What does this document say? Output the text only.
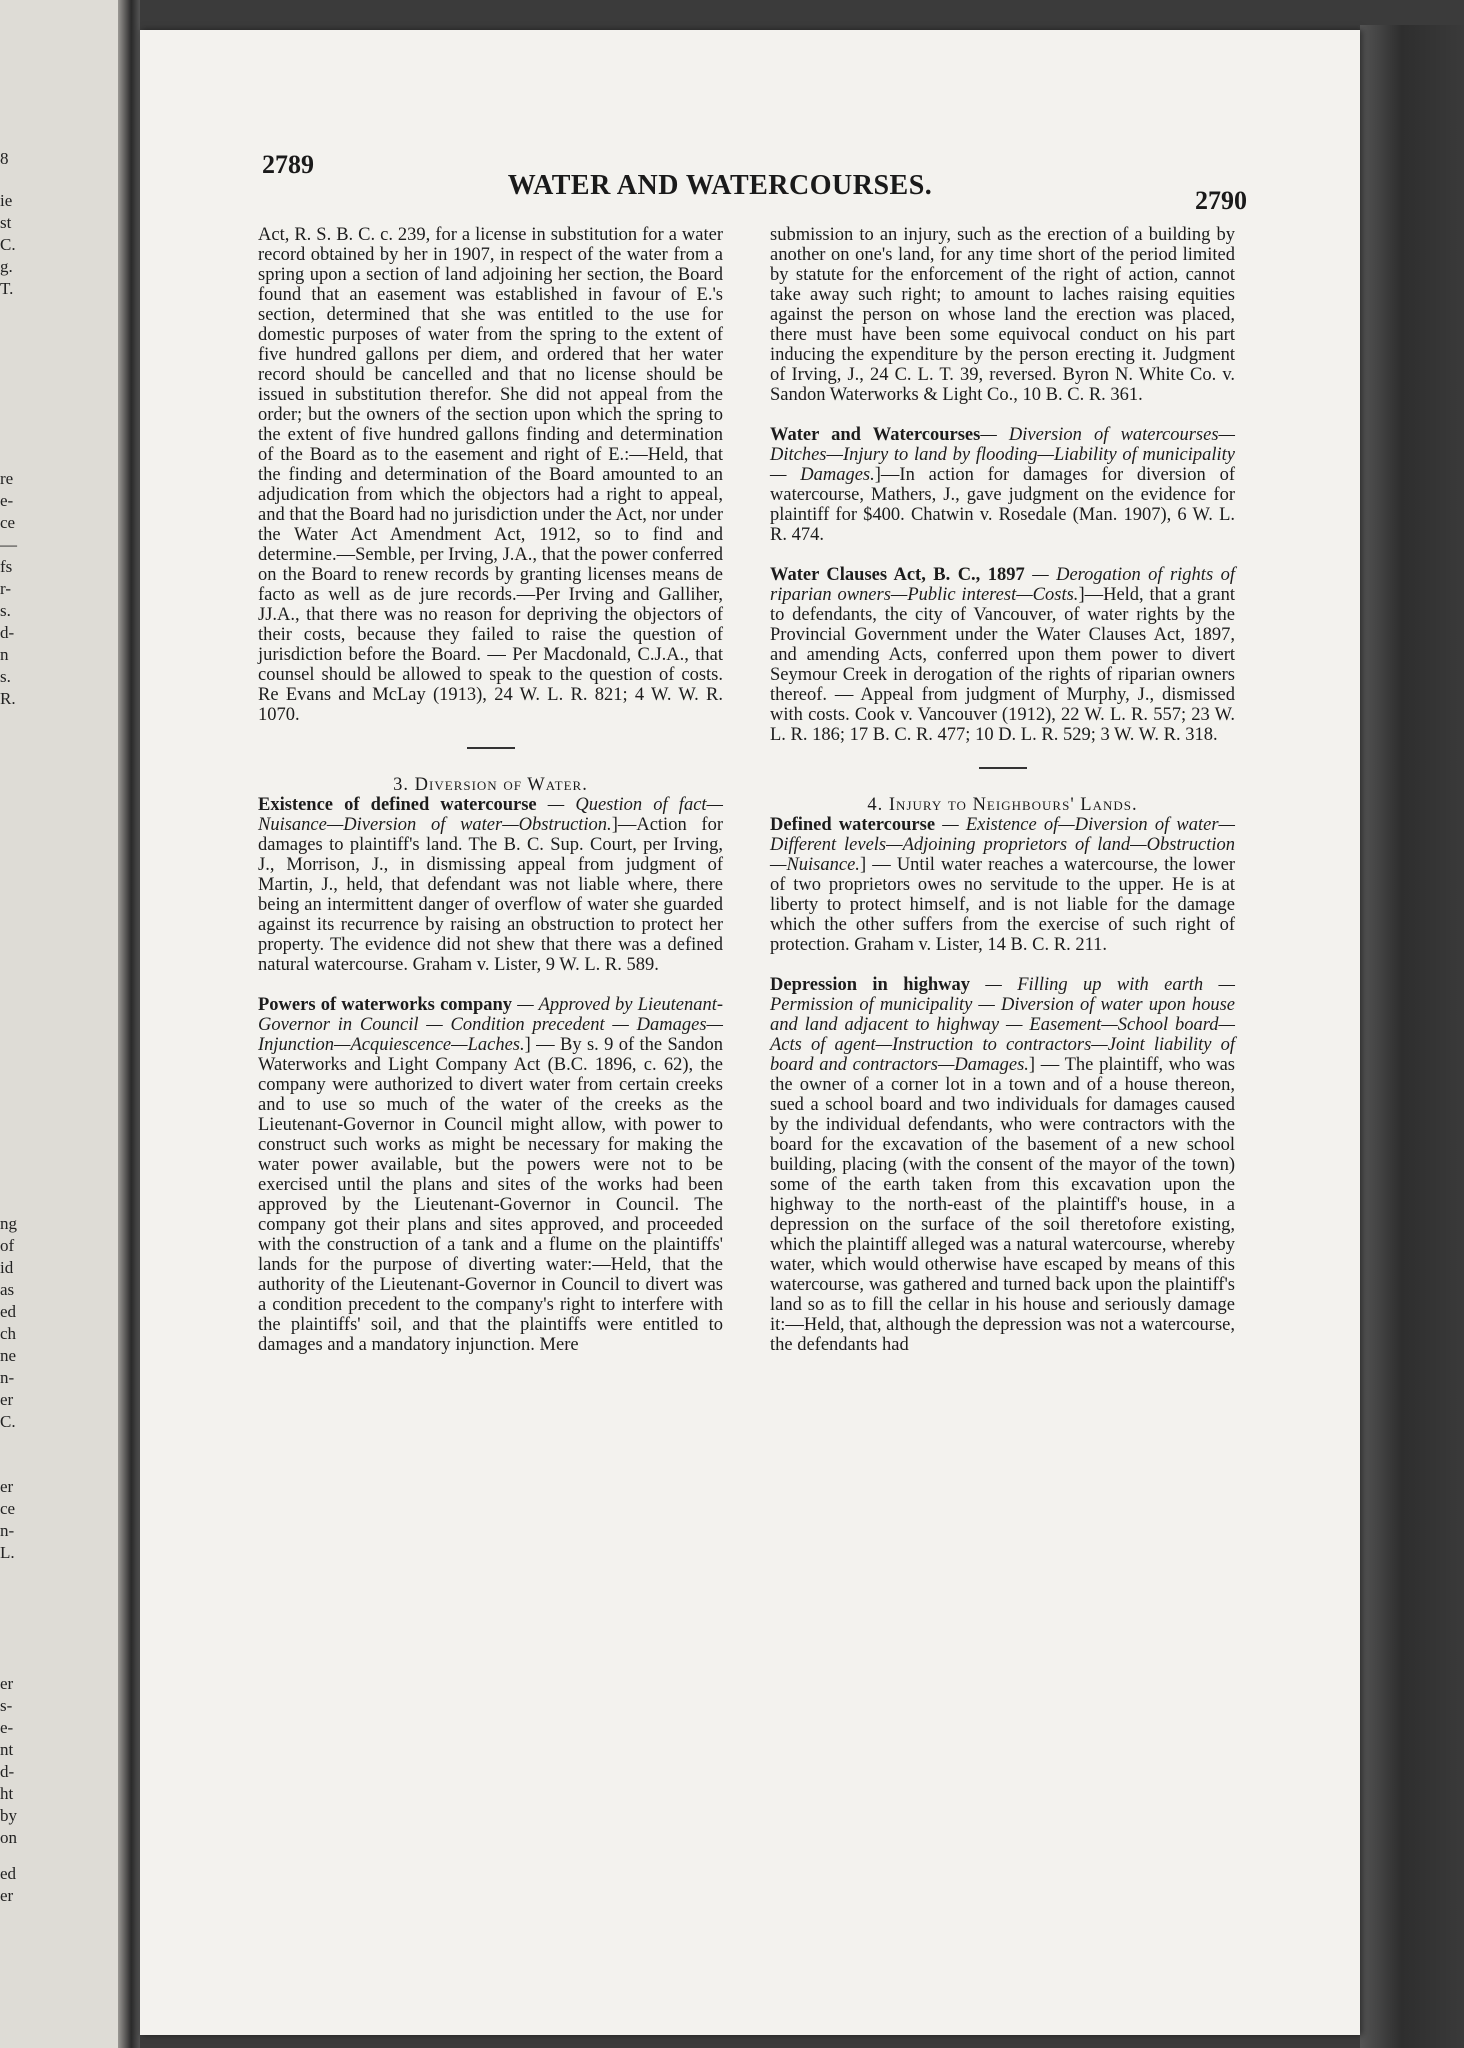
8
ie
st
C.
g.
T.
re
e-
ce
—
fs
r-
s.
d-
n
s.
R.
ng
of
id
as
ed
ch
ne
n-
er
C.
er
ce
n-
L.
er
s-
e-
nt
d-
ht
by
on
ed
er
2789
WATER AND WATERCOURSES.	2790

Act, R. S. B. C. c. 239, for a license in substitution for a water record obtained by her in 1907, in respect of the water from a spring upon a section of land adjoining her section, the Board found that an easement was established in favour of E.'s section, determined that she was entitled to the use for domestic purposes of water from the spring to the extent of five hundred gallons per diem, and ordered that her water record should be cancelled and that no license should be issued in substitution therefor. She did not appeal from the order; but the owners of the section upon which the spring to the extent of five hundred gallons finding and determination of the Board as to the easement and right of E.:—Held, that the finding and determination of the Board amounted to an adjudication from which the objectors had a right to appeal, and that the Board had no jurisdiction under the Act, nor under the Water Act Amendment Act, 1912, so to find and determine.—Semble, per Irving, J.A., that the power conferred on the Board to renew records by granting licenses means de facto as well as de jure records.—Per Irving and Galliher, JJ.A., that there was no reason for depriving the objectors of their costs, because they failed to raise the question of jurisdiction before the Board. — Per Macdonald, C.J.A., that counsel should be allowed to speak to the question of costs. Re Evans and McLay (1913), 24 W. L. R. 821; 4 W. W. R. 1070.

3. Diversion of Water.

Existence of defined watercourse — Question of fact—Nuisance—Diversion of water—Obstruction.]—Action for damages to plaintiff's land. The B. C. Sup. Court, per Irving, J., Morrison, J., in dismissing appeal from judgment of Martin, J., held, that defendant was not liable where, there being an intermittent danger of overflow of water she guarded against its recurrence by raising an obstruction to protect her property. The evidence did not shew that there was a defined natural watercourse. Graham v. Lister, 9 W. L. R. 589.

Powers of waterworks company — Approved by Lieutenant-Governor in Council — Condition precedent — Damages—Injunction—Acquiescence—Laches.] — By s. 9 of the Sandon Waterworks and Light Company Act (B.C. 1896, c. 62), the company were authorized to divert water from certain creeks and to use so much of the water of the creeks as the Lieutenant-Governor in Council might allow, with power to construct such works as might be necessary for making the water power available, but the powers were not to be exercised until the plans and sites of the works had been approved by the Lieutenant-Governor in Council. The company got their plans and sites approved, and proceeded with the construction of a tank and a flume on the plaintiffs' lands for the purpose of diverting water:—Held, that the authority of the Lieutenant-Governor in Council to divert was a condition precedent to the company's right to interfere with the plaintiffs' soil, and that the plaintiffs were entitled to damages and a mandatory injunction. Mere

submission to an injury, such as the erection of a building by another on one's land, for any time short of the period limited by statute for the enforcement of the right of action, cannot take away such right; to amount to laches raising equities against the person on whose land the erection was placed, there must have been some equivocal conduct on his part inducing the expenditure by the person erecting it. Judgment of Irving, J., 24 C. L. T. 39, reversed. Byron N. White Co. v. Sandon Waterworks & Light Co., 10 B. C. R. 361.

Water and Watercourses— Diversion of watercourses—Ditches—Injury to land by flooding—Liability of municipality — Damages.]—In action for damages for diversion of watercourse, Mathers, J., gave judgment on the evidence for plaintiff for $400. Chatwin v. Rosedale (Man. 1907), 6 W. L. R. 474.

Water Clauses Act, B. C., 1897 — Derogation of rights of riparian owners—Public interest—Costs.]—Held, that a grant to defendants, the city of Vancouver, of water rights by the Provincial Government under the Water Clauses Act, 1897, and amending Acts, conferred upon them power to divert Seymour Creek in derogation of the rights of riparian owners thereof. — Appeal from judgment of Murphy, J., dismissed with costs. Cook v. Vancouver (1912), 22 W. L. R. 557; 23 W. L. R. 186; 17 B. C. R. 477; 10 D. L. R. 529; 3 W. W. R. 318.

4. Injury to Neighbours' Lands.

Defined watercourse — Existence of—Diversion of water—Different levels—Adjoining proprietors of land—Obstruction—Nuisance.] — Until water reaches a watercourse, the lower of two proprietors owes no servitude to the upper. He is at liberty to protect himself, and is not liable for the damage which the other suffers from the exercise of such right of protection. Graham v. Lister, 14 B. C. R. 211.

Depression in highway — Filling up with earth — Permission of municipality — Diversion of water upon house and land adjacent to highway — Easement—School board—Acts of agent—Instruction to contractors—Joint liability of board and contractors—Damages.] — The plaintiff, who was the owner of a corner lot in a town and of a house thereon, sued a school board and two individuals for damages caused by the individual defendants, who were contractors with the board for the excavation of the basement of a new school building, placing (with the consent of the mayor of the town) some of the earth taken from this excavation upon the highway to the north-east of the plaintiff's house, in a depression on the surface of the soil theretofore existing, which the plaintiff alleged was a natural watercourse, whereby water, which would otherwise have escaped by means of this watercourse, was gathered and turned back upon the plaintiff's land so as to fill the cellar in his house and seriously damage it:—Held, that, although the depression was not a watercourse, the defendants had
